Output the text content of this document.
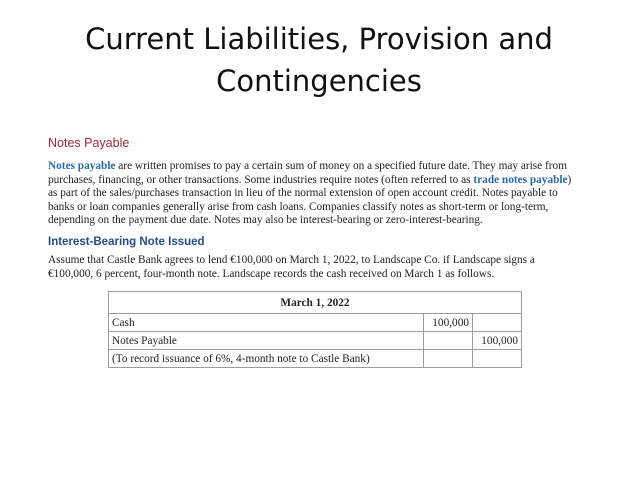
Current Liabilities, Provision and
Contingencies
Notes Payable

Notes payable are written promises to pay a certain sum of money on a specified future date. They may arise from purchases, financing, or other transactions. Some industries require notes (often referred to as trade notes payable) as part of the sales/purchases transaction in lieu of the normal extension of open account credit. Notes payable to banks or loan companies generally arise from cash loans. Companies classify notes as short-term or long-term, depending on the payment due date. Notes may also be interest-bearing or zero-interest-bearing.

Interest-Bearing Note Issued

Assume that Castle Bank agrees to lend €100,000 on March 1, 2022, to Landscape Co. if Landscape signs a €100,000, 6 percent, four-month note. Landscape records the cash received on March 1 as follows.

March 1, 2022		
Cash	100,000	
Notes Payable		100,000
(To record issuance of 6%, 4-month note to Castle Bank)		
